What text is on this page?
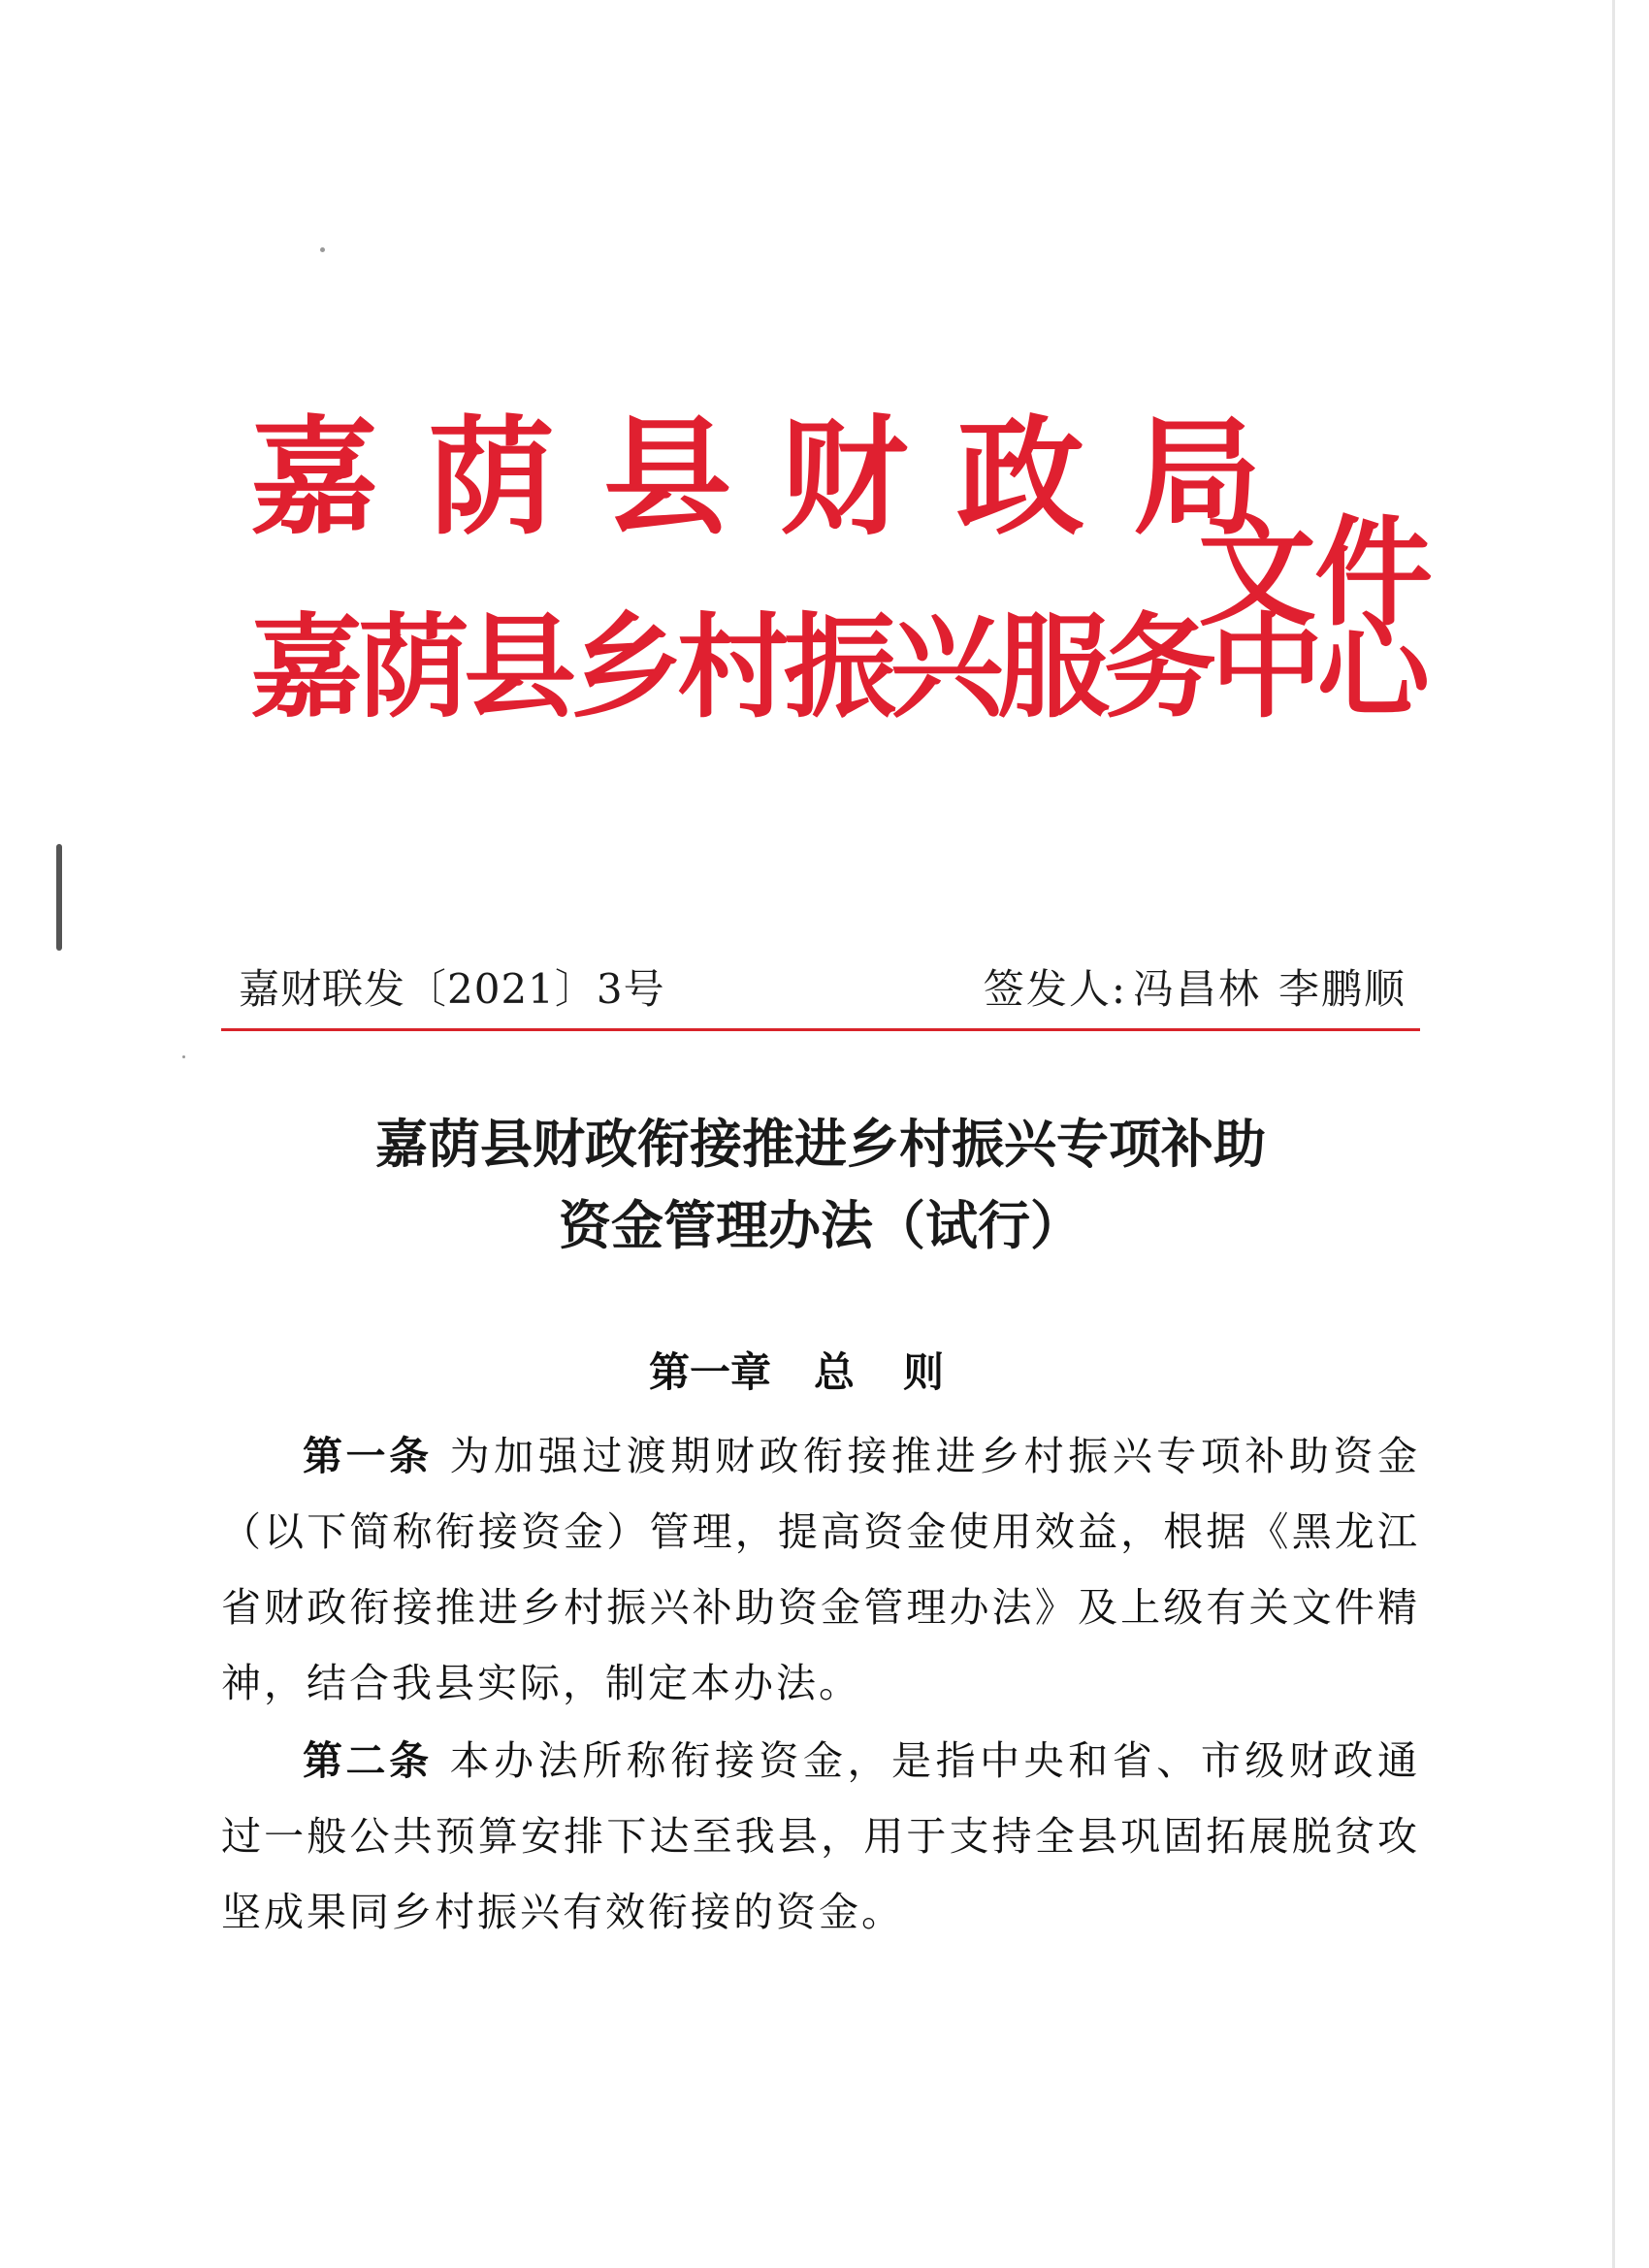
嘉荫县财政局
嘉荫县乡村振兴服务中心
文件
嘉财联发〔2021〕3号	签发人: 冯昌林 李鹏顺
嘉荫县财政衔接推进乡村振兴专项补助
资金管理办法（试行）
第一章 总则

第一条 为加强过渡期财政衔接推进乡村振兴专项补助资金（以下简称衔接资金）管理，提高资金使用效益，根据《黑龙江省财政衔接推进乡村振兴补助资金管理办法》及上级有关文件精神，结合我县实际，制定本办法。

第二条 本办法所称衔接资金，是指中央和省、市级财政通过一般公共预算安排下达至我县，用于支持全县巩固拓展脱贫攻坚成果同乡村振兴有效衔接的资金。
